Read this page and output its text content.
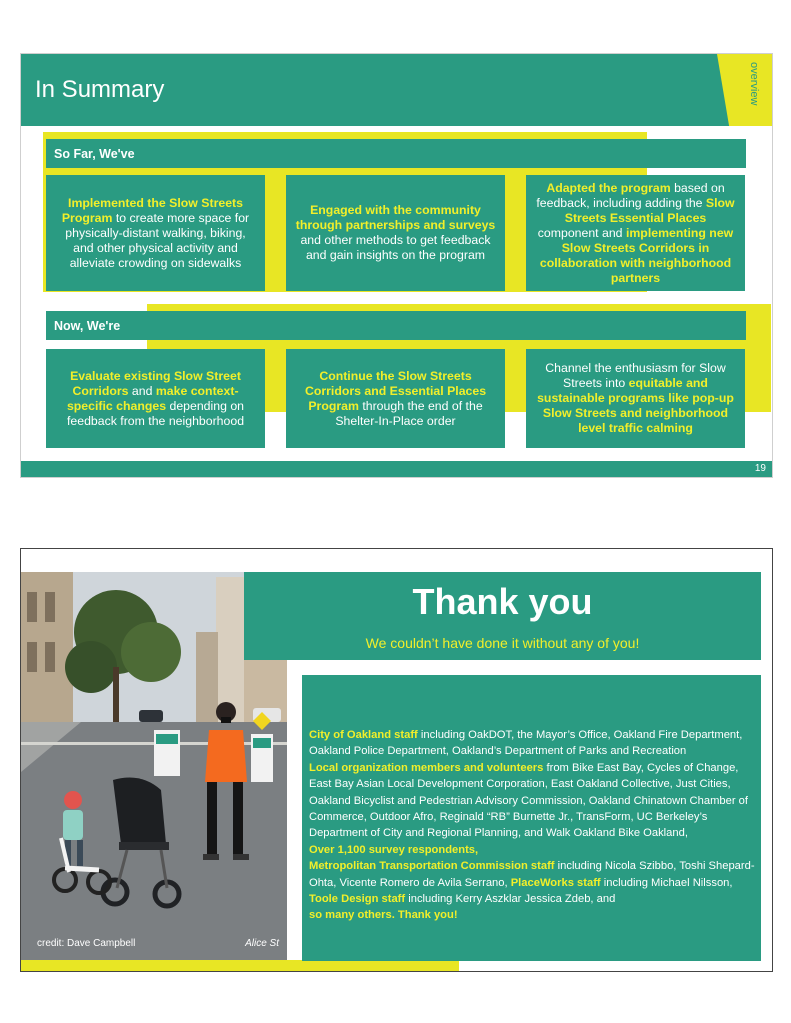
In Summary	overview
So Far, We've

Implemented the Slow Streets Program to create more space for physically-distant walking, biking, and other physical activity and alleviate crowding on sidewalks

Engaged with the community through partnerships and surveys and other methods to get feedback and gain insights on the program

Adapted the program based on feedback, including adding the Slow Streets Essential Places component and implementing new Slow Streets Corridors in collaboration with neighborhood partners

Now, We're

Evaluate existing Slow Street Corridors and make context-specific changes depending on feedback from the neighborhood

Continue the Slow Streets Corridors and Essential Places Program through the end of the Shelter-In-Place order

Channel the enthusiasm for Slow Streets into equitable and sustainable programs like pop-up Slow Streets and neighborhood level traffic calming

19
credit: Dave Campbell	Alice St
Thank you
We couldn’t have done it without any of you!
City of Oakland staff including OakDOT, the Mayor’s Office, Oakland Fire Department, Oakland Police Department, Oakland’s Department of Parks and Recreation
Local organization members and volunteers from Bike East Bay, Cycles of Change, East Bay Asian Local Development Corporation, East Oakland Collective, Just Cities, Oakland Bicyclist and Pedestrian Advisory Commission, Oakland Chinatown Chamber of Commerce, Outdoor Afro, Reginald “RB” Burnette Jr., TransForm, UC Berkeley’s Department of City and Regional Planning, and Walk Oakland Bike Oakland,
Over 1,100 survey respondents,
Metropolitan Transportation Commission staff including Nicola Szibbo, Toshi Shepard-Ohta, Vicente Romero de Avila Serrano, PlaceWorks staff including Michael Nilsson, Toole Design staff including Kerry Aszklar Jessica Zdeb, and
so many others. Thank you!
